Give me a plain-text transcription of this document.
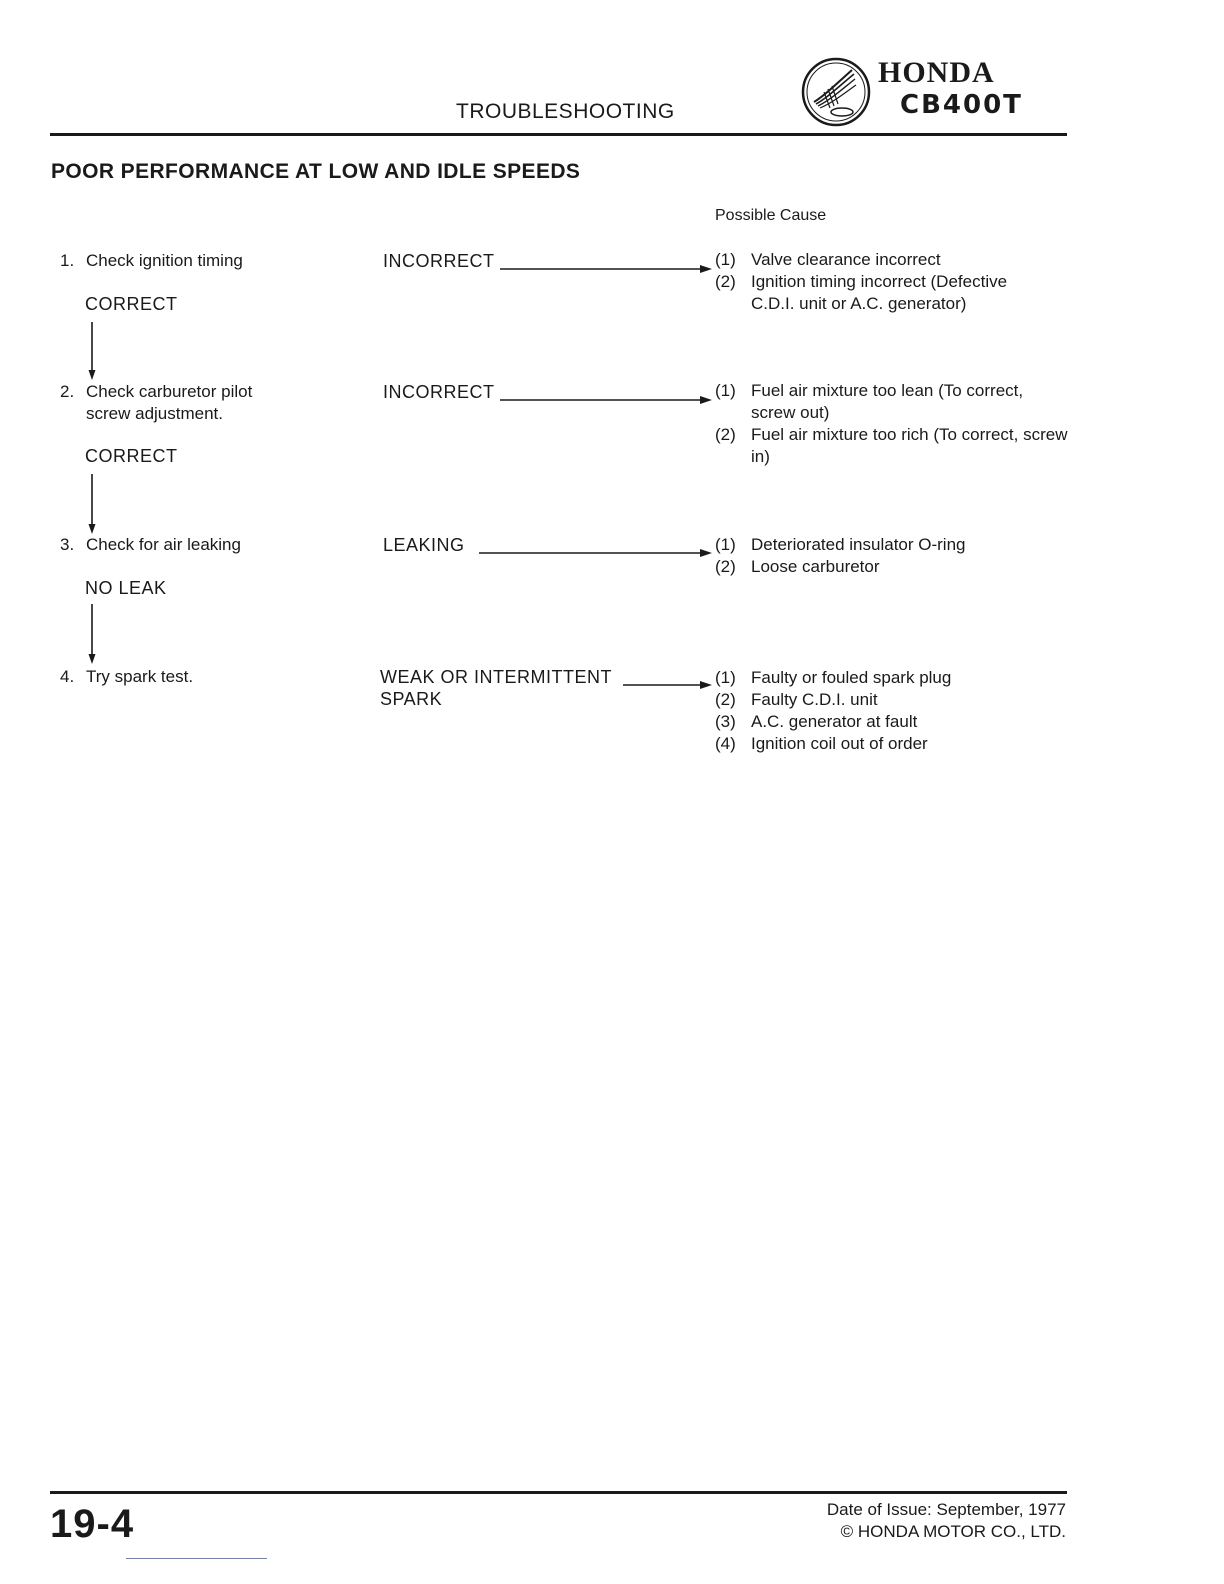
TROUBLESHOOTING
HONDA
CB400T
POOR PERFORMANCE AT LOW AND IDLE SPEEDS
Possible Cause
1. Check ignition timing
CORRECT
INCORRECT	(1) Valve clearance incorrect
(2) Ignition timing incorrect (Defective C.D.I. unit or A.C. generator)
2. Check carburetor pilot
screw adjustment.
CORRECT
INCORRECT	(1) Fuel air mixture too lean (To correct, screw out)
(2) Fuel air mixture too rich (To correct, screw in)
3. Check for air leaking
NO LEAK
LEAKING	(1) Deteriorated insulator O-ring
(2) Loose carburetor
4. Try spark test.	WEAK OR INTERMITTENT
SPARK
(1) Faulty or fouled spark plug
(2) Faulty C.D.I. unit
(3) A.C. generator at fault
(4) Ignition coil out of order
19-4	Date of Issue: September, 1977
© HONDA MOTOR CO., LTD.
